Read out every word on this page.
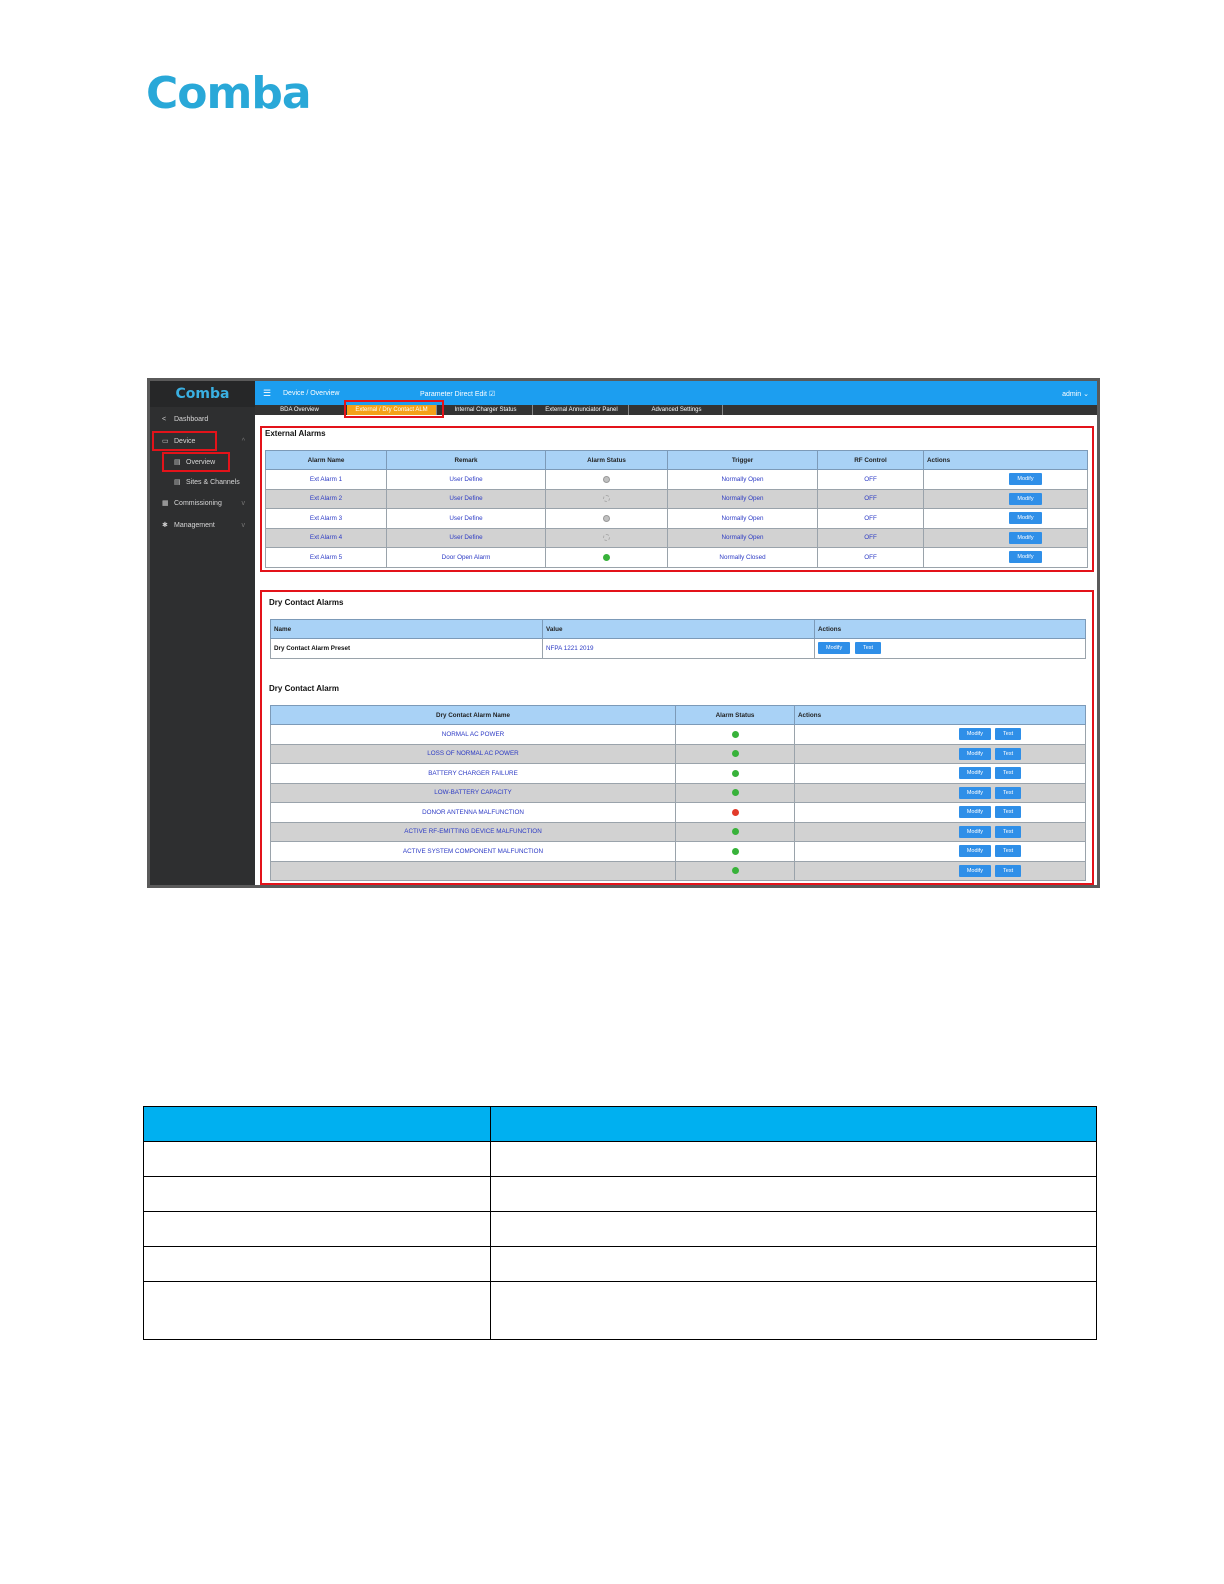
Comba
Comba
< Dashboard
▭ Device	^
▤ Overview
▤ Sites & Channels
▦ Commissioning	v
✱ Management	v
☰ Device / Overview	Parameter Direct Edit ☑	admin ⌄
BDA Overview	External / Dry Contact ALM	Internal Charger Status	External Annunciator Panel	Advanced Settings
External Alarms
Alarm Name	Remark	Alarm Status	Trigger	RF Control	Actions
Ext Alarm 1	User Define		Normally Open	OFF	Modify
Ext Alarm 2	User Define		Normally Open	OFF	Modify
Ext Alarm 3	User Define		Normally Open	OFF	Modify
Ext Alarm 4	User Define		Normally Open	OFF	Modify
Ext Alarm 5	Door Open Alarm		Normally Closed	OFF	Modify
Dry Contact Alarms
Name	Value	Actions
Dry Contact Alarm Preset	NFPA 1221 2019	Modify Test
Dry Contact Alarm
Dry Contact Alarm Name	Alarm Status	Actions
NORMAL AC POWER		Modify Test
LOSS OF NORMAL AC POWER		Modify Test
BATTERY CHARGER FAILURE		Modify Test
LOW-BATTERY CAPACITY		Modify Test
DONOR ANTENNA MALFUNCTION		Modify Test
ACTIVE RF-EMITTING DEVICE MALFUNCTION		Modify Test
ACTIVE SYSTEM COMPONENT MALFUNCTION		Modify Test
		Modify Test
